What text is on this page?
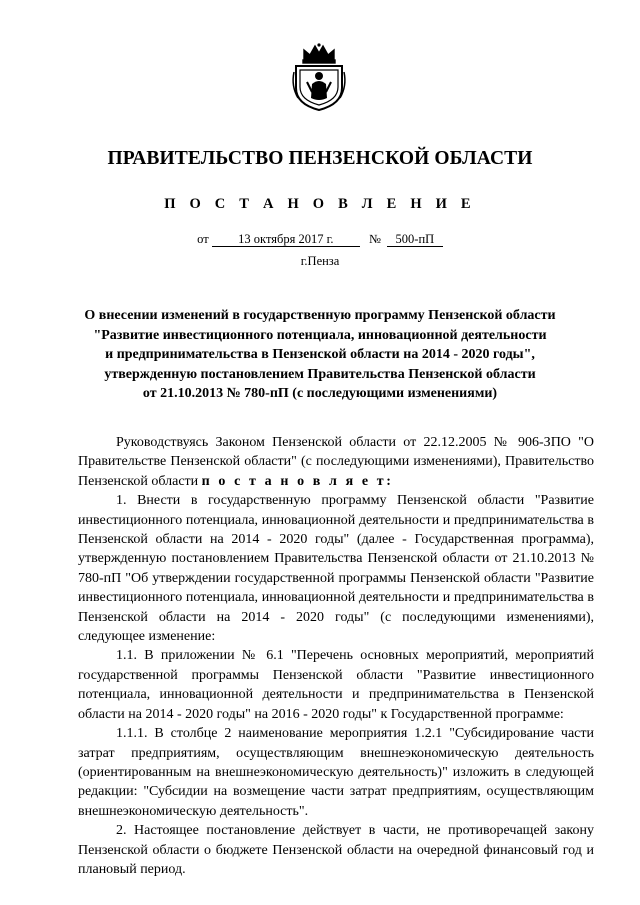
ПРАВИТЕЛЬСТВО ПЕНЗЕНСКОЙ ОБЛАСТИ
П О С Т А Н О В Л Е Н И Е
от 13 октября 2017 г.	№ 500-пП
г.Пенза
О внесении изменений в государственную программу Пензенской области
"Развитие инвестиционного потенциала, инновационной деятельности
и предпринимательства в Пензенской области на 2014 - 2020 годы",
утвержденную постановлением Правительства Пензенской области
от 21.10.2013 № 780-пП (с последующими изменениями)

Руководствуясь Законом Пензенской области от 22.12.2005 № 906-ЗПО "О Правительстве Пензенской области" (с последующими изменениями), Правительство Пензенской области п о с т а н о в л я е т:

1. Внести в государственную программу Пензенской области "Развитие инвестиционного потенциала, инновационной деятельности и предпринимательства в Пензенской области на 2014 - 2020 годы" (далее - Государственная программа), утвержденную постановлением Правительства Пензенской области от 21.10.2013 № 780-пП "Об утверждении государственной программы Пензенской области "Развитие инвестиционного потенциала, инновационной деятельности и предпринимательства в Пензенской области на 2014 - 2020 годы" (с последующими изменениями), следующее изменение:

1.1. В приложении № 6.1 "Перечень основных мероприятий, мероприятий государственной программы Пензенской области "Развитие инвестиционного потенциала, инновационной деятельности и предпринимательства в Пензенской области на 2014 - 2020 годы" на 2016 - 2020 годы" к Государственной программе:

1.1.1. В столбце 2 наименование мероприятия 1.2.1 "Субсидирование части затрат предприятиям, осуществляющим внешнеэкономическую деятельность (ориентированным на внешнеэкономическую деятельность)" изложить в следующей редакции: "Субсидии на возмещение части затрат предприятиям, осуществляющим внешнеэкономическую деятельность".

2. Настоящее постановление действует в части, не противоречащей закону Пензенской области о бюджете Пензенской области на очередной финансовый год и плановый период.
